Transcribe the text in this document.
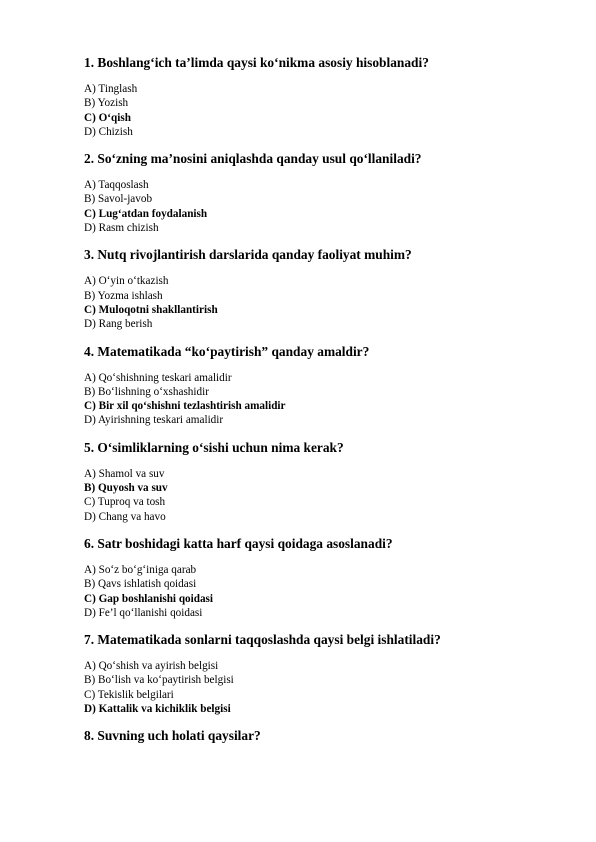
1. Boshlang‘ich ta’limda qaysi ko‘nikma asosiy hisoblanadi?

A) Tinglash

B) Yozish

C) O‘qish

D) Chizish

2. So‘zning ma’nosini aniqlashda qanday usul qo‘llaniladi?

A) Taqqoslash

B) Savol-javob

C) Lug‘atdan foydalanish

D) Rasm chizish

3. Nutq rivojlantirish darslarida qanday faoliyat muhim?

A) O‘yin o‘tkazish

B) Yozma ishlash

C) Muloqotni shakllantirish

D) Rang berish

4. Matematikada “ko‘paytirish” qanday amaldir?

A) Qo‘shishning teskari amalidir

B) Bo‘lishning o‘xshashidir

C) Bir xil qo‘shishni tezlashtirish amalidir

D) Ayirishning teskari amalidir

5. O‘simliklarning o‘sishi uchun nima kerak?

A) Shamol va suv

B) Quyosh va suv

C) Tuproq va tosh

D) Chang va havo

6. Satr boshidagi katta harf qaysi qoidaga asoslanadi?

A) So‘z bo‘g‘iniga qarab

B) Qavs ishlatish qoidasi

C) Gap boshlanishi qoidasi

D) Fe’l qo‘llanishi qoidasi

7. Matematikada sonlarni taqqoslashda qaysi belgi ishlatiladi?

A) Qo‘shish va ayirish belgisi

B) Bo‘lish va ko‘paytirish belgisi

C) Tekislik belgilari

D) Kattalik va kichiklik belgisi

8. Suvning uch holati qaysilar?
